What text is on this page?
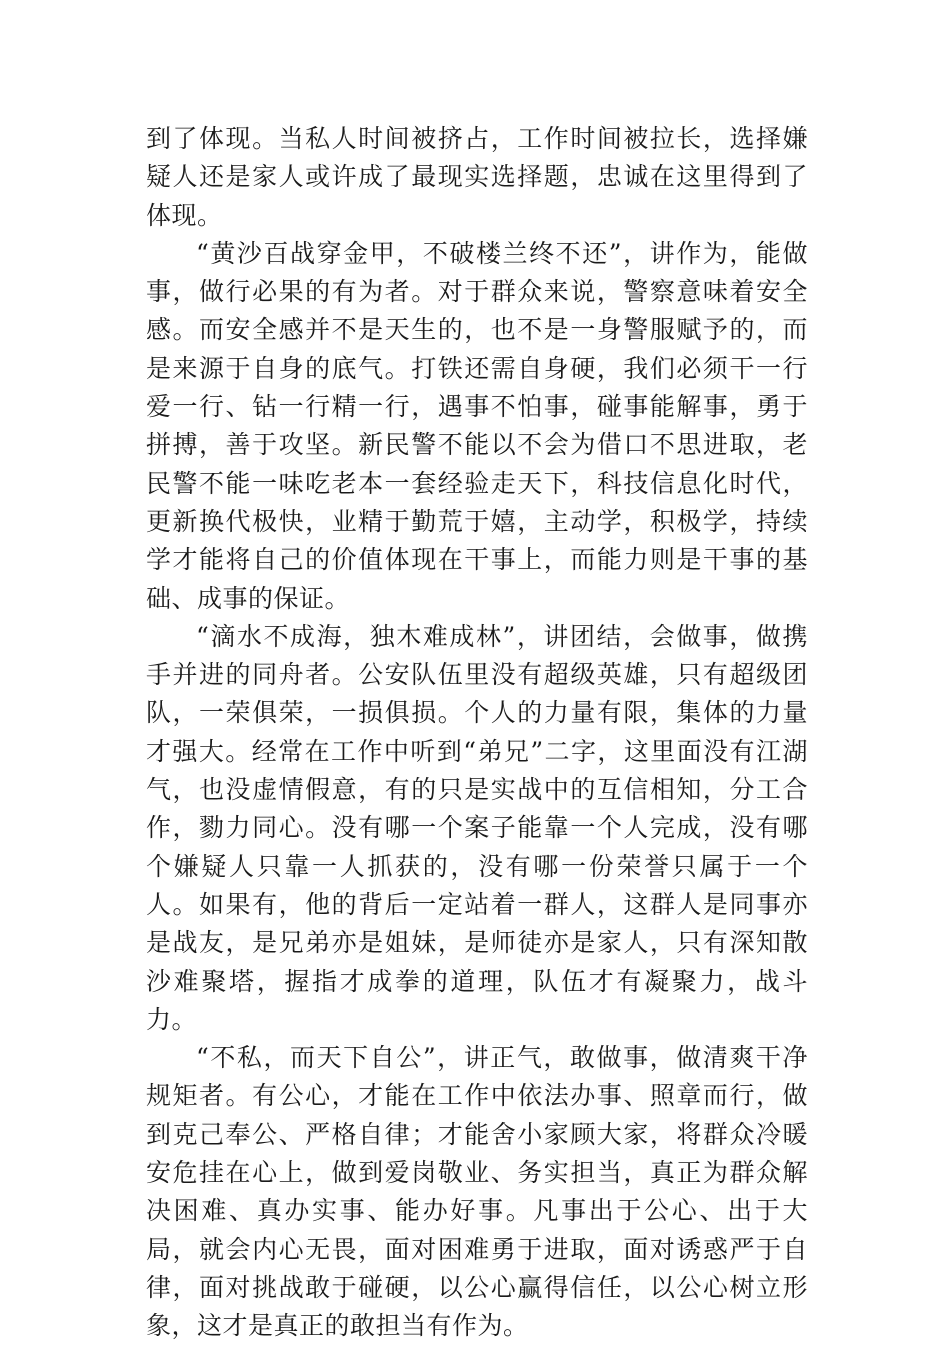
到了体现。当私人时间被挤占，工作时间被拉长，选择嫌疑人还是家人或许成了最现实选择题，忠诚在这里得到了体现。

“黄沙百战穿金甲，不破楼兰终不还”，讲作为，能做事，做行必果的有为者。对于群众来说，警察意味着安全感。而安全感并不是天生的，也不是一身警服赋予的，而是来源于自身的底气。打铁还需自身硬，我们必须干一行爱一行、钻一行精一行，遇事不怕事，碰事能解事，勇于拼搏，善于攻坚。新民警不能以不会为借口不思进取，老民警不能一味吃老本一套经验走天下，科技信息化时代，更新换代极快，业精于勤荒于嬉，主动学，积极学，持续学才能将自己的价值体现在干事上，而能力则是干事的基础、成事的保证。

“滴水不成海，独木难成林”，讲团结，会做事，做携手并进的同舟者。公安队伍里没有超级英雄，只有超级团队，一荣俱荣，一损俱损。个人的力量有限，集体的力量才强大。经常在工作中听到“弟兄”二字，这里面没有江湖气，也没虚情假意，有的只是实战中的互信相知，分工合作，勠力同心。没有哪一个案子能靠一个人完成，没有哪个嫌疑人只靠一人抓获的，没有哪一份荣誉只属于一个人。如果有，他的背后一定站着一群人，这群人是同事亦是战友，是兄弟亦是姐妹，是师徒亦是家人，只有深知散沙难聚塔，握指才成拳的道理，队伍才有凝聚力，战斗力。

“不私，而天下自公”，讲正气，敢做事，做清爽干净规矩者。有公心，才能在工作中依法办事、照章而行，做到克己奉公、严格自律；才能舍小家顾大家，将群众冷暖安危挂在心上，做到爱岗敬业、务实担当，真正为群众解决困难、真办实事、能办好事。凡事出于公心、出于大局，就会内心无畏，面对困难勇于进取，面对诱惑严于自律，面对挑战敢于碰硬，以公心赢得信任，以公心树立形象，这才是真正的敢担当有作为。
